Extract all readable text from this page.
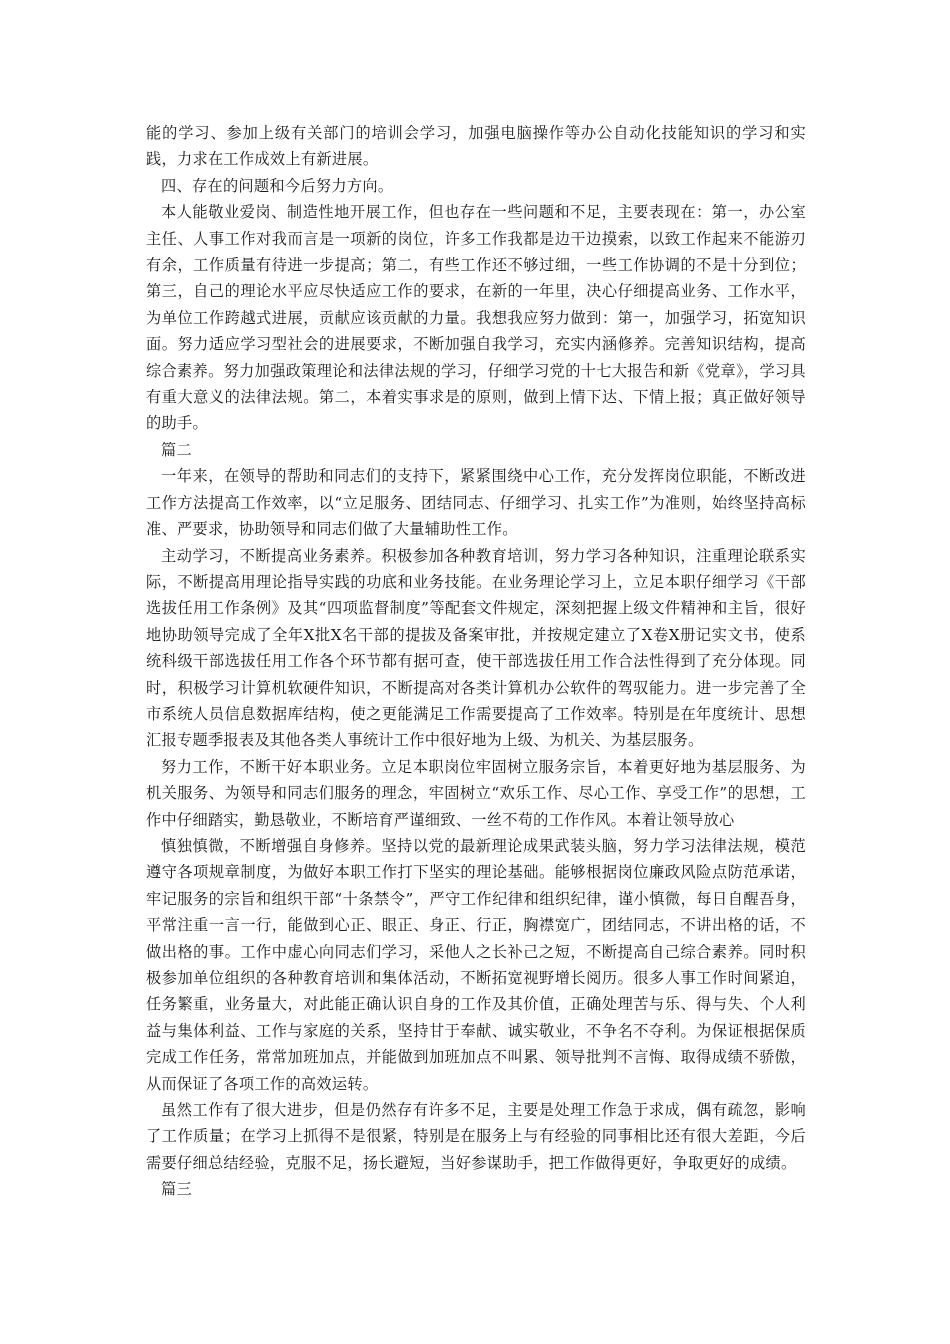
能的学习、参加上级有关部门的培训会学习，加强电脑操作等办公自动化技能知识的学习和实践，力求在工作成效上有新进展。

四、存在的问题和今后努力方向。

本人能敬业爱岗、制造性地开展工作，但也存在一些问题和不足，主要表现在：第一，办公室主任、人事工作对我而言是一项新的岗位，许多工作我都是边干边摸索，以致工作起来不能游刃有余，工作质量有待进一步提高；第二，有些工作还不够过细，一些工作协调的不是十分到位；第三，自己的理论水平应尽快适应工作的要求，在新的一年里，决心仔细提高业务、工作水平，为单位工作跨越式进展，贡献应该贡献的力量。我想我应努力做到：第一，加强学习，拓宽知识面。努力适应学习型社会的进展要求，不断加强自我学习，充实内涵修养。完善知识结构，提高综合素养。努力加强政策理论和法律法规的学习，仔细学习党的十七大报告和新《党章》，学习具有重大意义的法律法规。第二，本着实事求是的原则，做到上情下达、下情上报；真正做好领导的助手。

篇二

一年来，在领导的帮助和同志们的支持下，紧紧围绕中心工作，充分发挥岗位职能，不断改进工作方法提高工作效率，以“立足服务、团结同志、仔细学习、扎实工作”为准则，始终坚持高标准、严要求，协助领导和同志们做了大量辅助性工作。

主动学习，不断提高业务素养。积极参加各种教育培训，努力学习各种知识，注重理论联系实际，不断提高用理论指导实践的功底和业务技能。在业务理论学习上，立足本职仔细学习《干部选拔任用工作条例》及其“四项监督制度”等配套文件规定，深刻把握上级文件精神和主旨，很好地协助领导完成了全年X批X名干部的提拔及备案审批，并按规定建立了X卷X册记实文书，使系统科级干部选拔任用工作各个环节都有据可查，使干部选拔任用工作合法性得到了充分体现。同时，积极学习计算机软硬件知识，不断提高对各类计算机办公软件的驾驭能力。进一步完善了全市系统人员信息数据库结构，使之更能满足工作需要提高了工作效率。特别是在年度统计、思想汇报专题季报表及其他各类人事统计工作中很好地为上级、为机关、为基层服务。

努力工作，不断干好本职业务。立足本职岗位牢固树立服务宗旨，本着更好地为基层服务、为机关服务、为领导和同志们服务的理念，牢固树立“欢乐工作、尽心工作、享受工作”的思想，工作中仔细踏实，勤恳敬业，不断培育严谨细致、一丝不苟的工作作风。本着让领导放心

慎独慎微，不断增强自身修养。坚持以党的最新理论成果武装头脑，努力学习法律法规，模范遵守各项规章制度，为做好本职工作打下坚实的理论基础。能够根据岗位廉政风险点防范承诺，牢记服务的宗旨和组织干部“十条禁令”，严守工作纪律和组织纪律，谨小慎微，每日自醒吾身，平常注重一言一行，能做到心正、眼正、身正、行正，胸襟宽广，团结同志，不讲出格的话，不做出格的事。工作中虚心向同志们学习，采他人之长补己之短，不断提高自己综合素养。同时积极参加单位组织的各种教育培训和集体活动，不断拓宽视野增长阅历。很多人事工作时间紧迫，任务繁重，业务量大，对此能正确认识自身的工作及其价值，正确处理苦与乐、得与失、个人利益与集体利益、工作与家庭的关系，坚持甘于奉献、诚实敬业，不争名不夺利。为保证根据保质完成工作任务，常常加班加点，并能做到加班加点不叫累、领导批判不言悔、取得成绩不骄傲，从而保证了各项工作的高效运转。

虽然工作有了很大进步，但是仍然存有许多不足，主要是处理工作急于求成，偶有疏忽，影响了工作质量；在学习上抓得不是很紧，特别是在服务上与有经验的同事相比还有很大差距，今后需要仔细总结经验，克服不足，扬长避短，当好参谋助手，把工作做得更好，争取更好的成绩。

篇三
